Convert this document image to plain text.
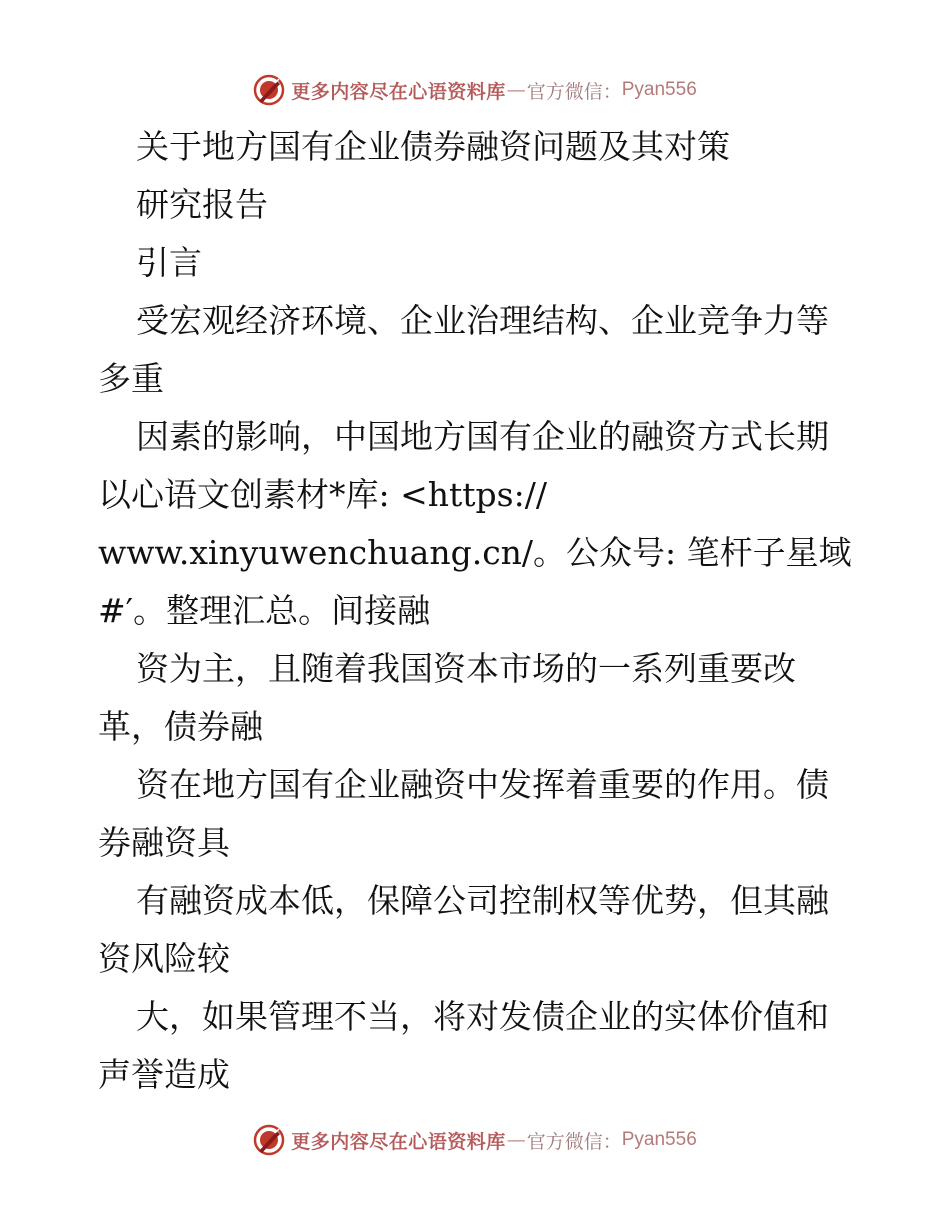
更多内容尽在心语资料库 — 官方微信： Pyan556
关于地方国有企业债券融资问题及其对策
研究报告
引言
受宏观经济环境、企业治理结构、企业竞争力等
多重
因素的影响，中国地方国有企业的融资方式长期
以心语文创素材*库: <https://
www.xinyuwenchuang.cn/。公众号: 笔杆子星域
#′。整理汇总。间接融
资为主，且随着我国资本市场的一系列重要改
革，债券融
资在地方国有企业融资中发挥着重要的作用。债
券融资具
有融资成本低，保障公司控制权等优势，但其融
资风险较
大，如果管理不当，将对发债企业的实体价值和
声誉造成
更多内容尽在心语资料库 — 官方微信： Pyan556
